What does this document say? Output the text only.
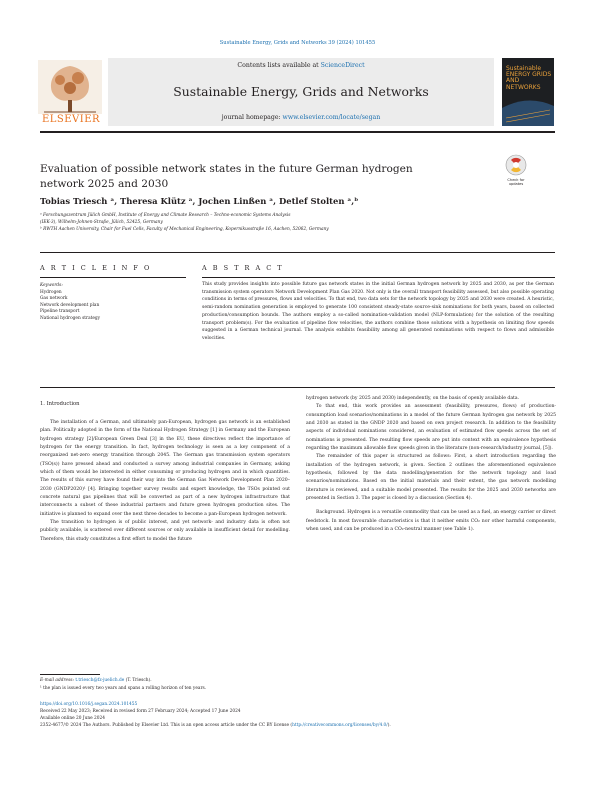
Sustainable Energy, Grids and Networks 39 (2024) 101455
ELSEVIER
Contents lists available at ScienceDirect
Sustainable Energy, Grids and Networks
journal homepage: www.elsevier.com/locate/segan
Sustainable ENERGY GRIDS AND NETWORKS
Evaluation of possible network states in the future German hydrogen
network 2025 and 2030	Check for updates
Tobias Triesch ᵃ, Theresa Klütz ᵃ, Jochen Linßen ᵃ, Detlef Stolten ᵃ,ᵇ
ᵃ Forschungszentrum Jülich GmbH, Institute of Energy and Climate Research – Techno-economic Systems Analysis
(IEK-3), Wilhelm-Johnen-Straße, Jülich, 52425, Germany
ᵇ RWTH Aachen University, Chair for Fuel Cells, Faculty of Mechanical Engineering, Kopernikusstraße 16, Aachen, 52062, Germany
A R T I C L E I N F O	A B S T R A C T
Keywords:
Hydrogen
Gas network
Network development plan
Pipeline transport
National hydrogen strategy
This study provides insights into possible future gas network states in the initial German hydrogen network by 2025 and 2030, as per the German transmission system operators Network Development Plan Gas 2020. Not only is the overall transport feasibility assessed, but also possible operating conditions in terms of pressures, flows and velocities. To that end, two data sets for the network topology by 2025 and 2030 were created. A heuristic, semi-random nomination generation is employed to generate 100 consistent steady-state source-sink nominations for both years, based on collected production/consumption bounds. The authors employ a so-called nomination-validation model (NLP-formulation) for the solution of the resulting transport problem(s). For the evaluation of pipeline flow velocities, the authors combine those solutions with a hypothesis on limiting flow speeds suggested in a German technical journal. The analysis exhibits feasibility among all generated nominations with respect to flows and admissible velocities.
1. Introduction

The installation of a German, and ultimately pan-European, hydrogen gas network is an established plan. Politically adopted in the form of the National Hydrogen Strategy [1] in Germany and the European hydrogen strategy [2]/European Green Deal [3] in the EU, these directives reflect the importance of hydrogen for the energy transition. In fact, hydrogen technology is seen as a key component of a reorganized net-zero energy transition through 2045. The German gas transmission system operators (TSO(s)) have pressed ahead and conducted a survey among industrial companies in Germany, asking which of them would be interested in either consuming or producing hydrogen and in which quantities. The results of this survey have found their way into the German Gas Network Development Plan 2020–2030 (GNDP2020)¹ [4]. Bringing together survey results and expert knowledge, the TSOs pointed out concrete natural gas pipelines that will be converted as part of a new hydrogen infrastructure that interconnects a subset of these industrial partners and future green hydrogen production sites. The initiative is planned to expand over the next three decades to become a pan-European hydrogen network.

The transition to hydrogen is of public interest, and yet network- and industry data is often not publicly available, is scattered over different sources or only available in insufficient detail for modelling. Therefore, this study constitutes a first effort to model the future

hydrogen network (by 2025 and 2030) independently, on the basis of openly available data.

To that end, this work provides an assessment (feasibility, pressures, flows) of production-consumption load scenarios/nominations in a model of the future German hydrogen gas network by 2025 and 2030 as stated in the GNDP 2020 and based on own project research. In addition to the feasibility aspects of individual nominations considered, an evaluation of estimated flow speeds across the set of nominations is presented. The resulting flow speeds are put into context with an equivalence hypothesis regarding the maximum allowable flow speeds given in the literature (non-research/industry journal, [5]).

The remainder of this paper is structured as follows: First, a short introduction regarding the installation of the hydrogen network, is given. Section 2 outlines the aforementioned equivalence hypothesis, followed by the data modelling/generation for the network topology and load scenarios/nominations. Based on the initial materials and their extent, the gas network modelling literature is reviewed, and a suitable model presented. The results for the 2025 and 2030 networks are presented in Section 3. The paper is closed by a discussion (Section 4).

Background. Hydrogen is a versatile commodity that can be used as a fuel, an energy carrier or direct feedstock. In most favourable characteristics is that it neither emits CO₂ nor other harmful components, when used, and can be produced in a CO₂-neutral manner (see Table 1).

E-mail address: t.triesch@fz-juelich.de (T. Triesch).
¹ the plan is issued every two years and spans a rolling horizon of ten years.
https://doi.org/10.1016/j.segan.2024.101455
Received 22 May 2023; Received in revised form 27 February 2024; Accepted 17 June 2024
Available online 20 June 2024
2352-4677/© 2024 The Authors. Published by Elsevier Ltd. This is an open access article under the CC BY license (http://creativecommons.org/licenses/by/4.0/).
